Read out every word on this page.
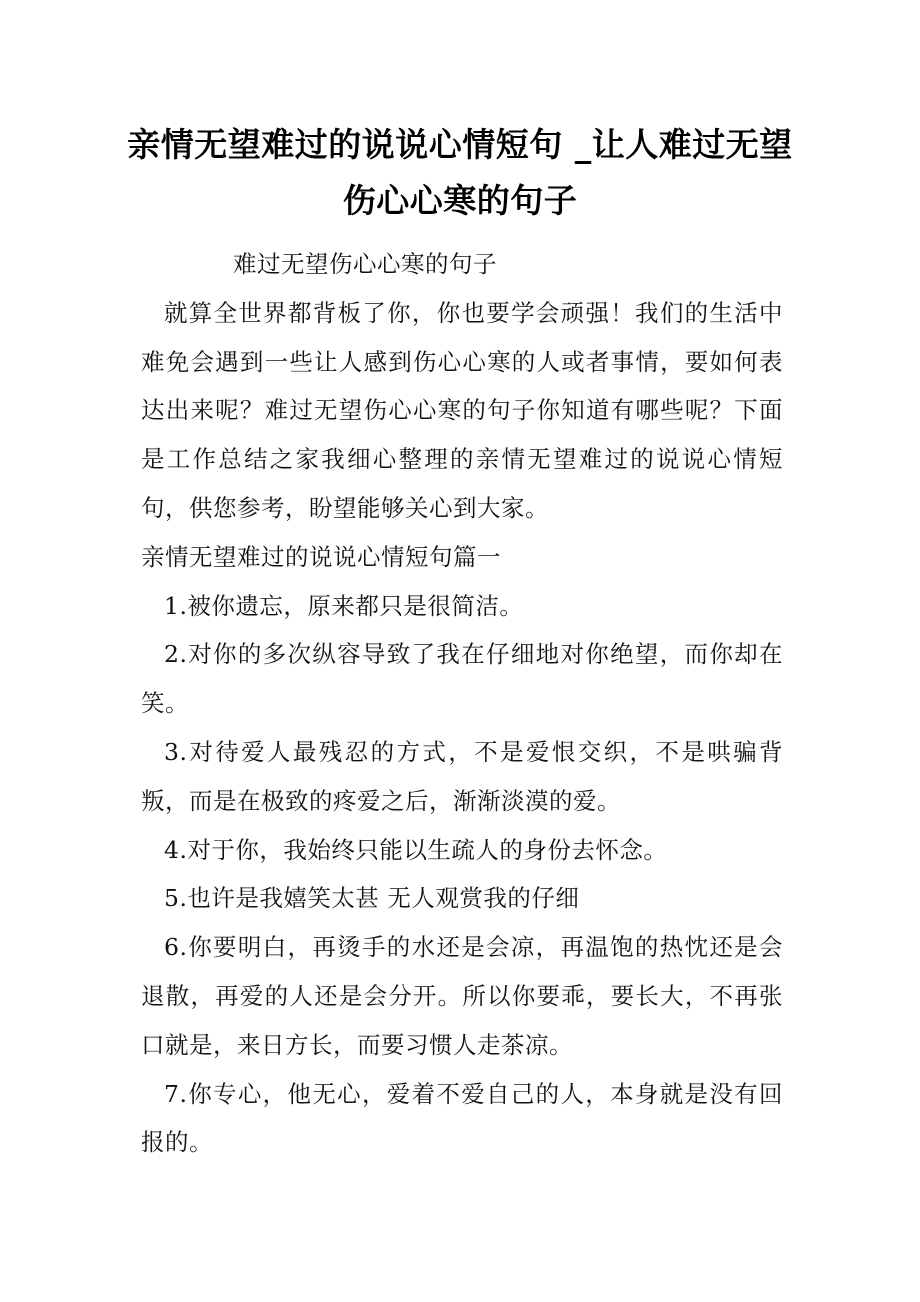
亲情无望难过的说说心情短句 _让人难过无望伤心心寒的句子

难过无望伤心心寒的句子

就算全世界都背板了你，你也要学会顽强！我们的生活中难免会遇到一些让人感到伤心心寒的人或者事情，要如何表达出来呢？难过无望伤心心寒的句子你知道有哪些呢？下面是工作总结之家我细心整理的亲情无望难过的说说心情短句，供您参考，盼望能够关心到大家。

亲情无望难过的说说心情短句篇一

1.被你遗忘，原来都只是很简洁。

2.对你的多次纵容导致了我在仔细地对你绝望，而你却在笑。

3.对待爱人最残忍的方式，不是爱恨交织，不是哄骗背叛，而是在极致的疼爱之后，渐渐淡漠的爱。

4.对于你，我始终只能以生疏人的身份去怀念。

5.也许是我嬉笑太甚 无人观赏我的仔细

6.你要明白，再烫手的水还是会凉，再温饱的热忱还是会退散，再爱的人还是会分开。所以你要乖，要长大，不再张口就是，来日方长，而要习惯人走茶凉。

7.你专心，他无心，爱着不爱自己的人，本身就是没有回报的。
